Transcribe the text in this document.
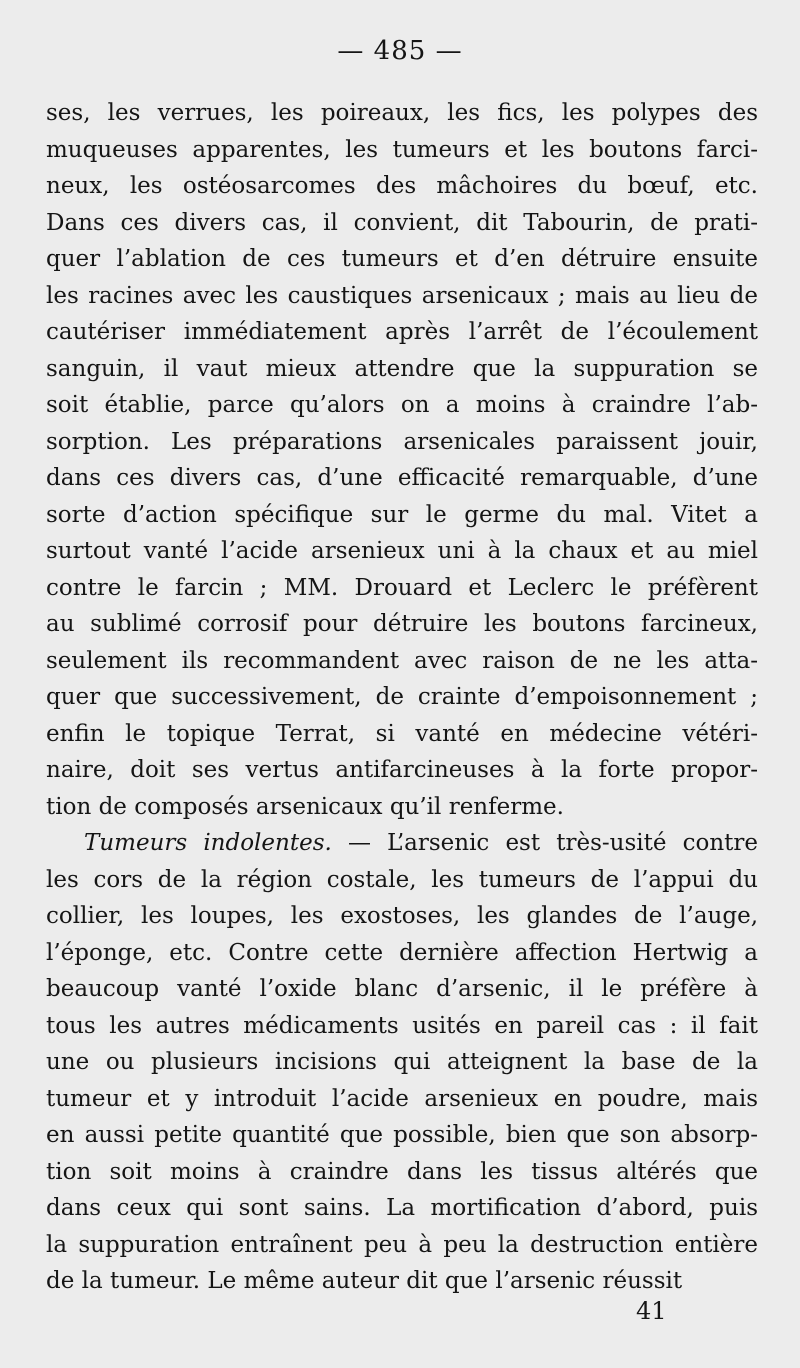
— 485 —
ses, les verrues, les poireaux, les fics, les polypes des
muqueuses apparentes, les tumeurs et les boutons farci-
neux, les ostéosarcomes des mâchoires du bœuf, etc.
Dans ces divers cas, il convient, dit Tabourin, de prati-
quer l’ablation de ces tumeurs et d’en détruire ensuite
les racines avec les caustiques arsenicaux ; mais au lieu de
cautériser immédiatement après l’arrêt de l’écoulement
sanguin, il vaut mieux attendre que la suppuration se
soit établie, parce qu’alors on a moins à craindre l’ab-
sorption. Les préparations arsenicales paraissent jouir,
dans ces divers cas, d’une efficacité remarquable, d’une
sorte d’action spécifique sur le germe du mal. Vitet a
surtout vanté l’acide arsenieux uni à la chaux et au miel
contre le farcin ; MM. Drouard et Leclerc le préfèrent
au sublimé corrosif pour détruire les boutons farcineux,
seulement ils recommandent avec raison de ne les atta-
quer que successivement, de crainte d’empoisonnement ;
enfin le topique Terrat, si vanté en médecine vétéri-
naire, doit ses vertus antifarcineuses à la forte propor-
tion de composés arsenicaux qu’il renferme.
Tumeurs indolentes. — L’arsenic est très-usité contre
les cors de la région costale, les tumeurs de l’appui du
collier, les loupes, les exostoses, les glandes de l’auge,
l’éponge, etc. Contre cette dernière affection Hertwig a
beaucoup vanté l’oxide blanc d’arsenic, il le préfère à
tous les autres médicaments usités en pareil cas : il fait
une ou plusieurs incisions qui atteignent la base de la
tumeur et y introduit l’acide arsenieux en poudre, mais
en aussi petite quantité que possible, bien que son absorp-
tion soit moins à craindre dans les tissus altérés que
dans ceux qui sont sains. La mortification d’abord, puis
la suppuration entraînent peu à peu la destruction entière
de la tumeur. Le même auteur dit que l’arsenic réussit
41
